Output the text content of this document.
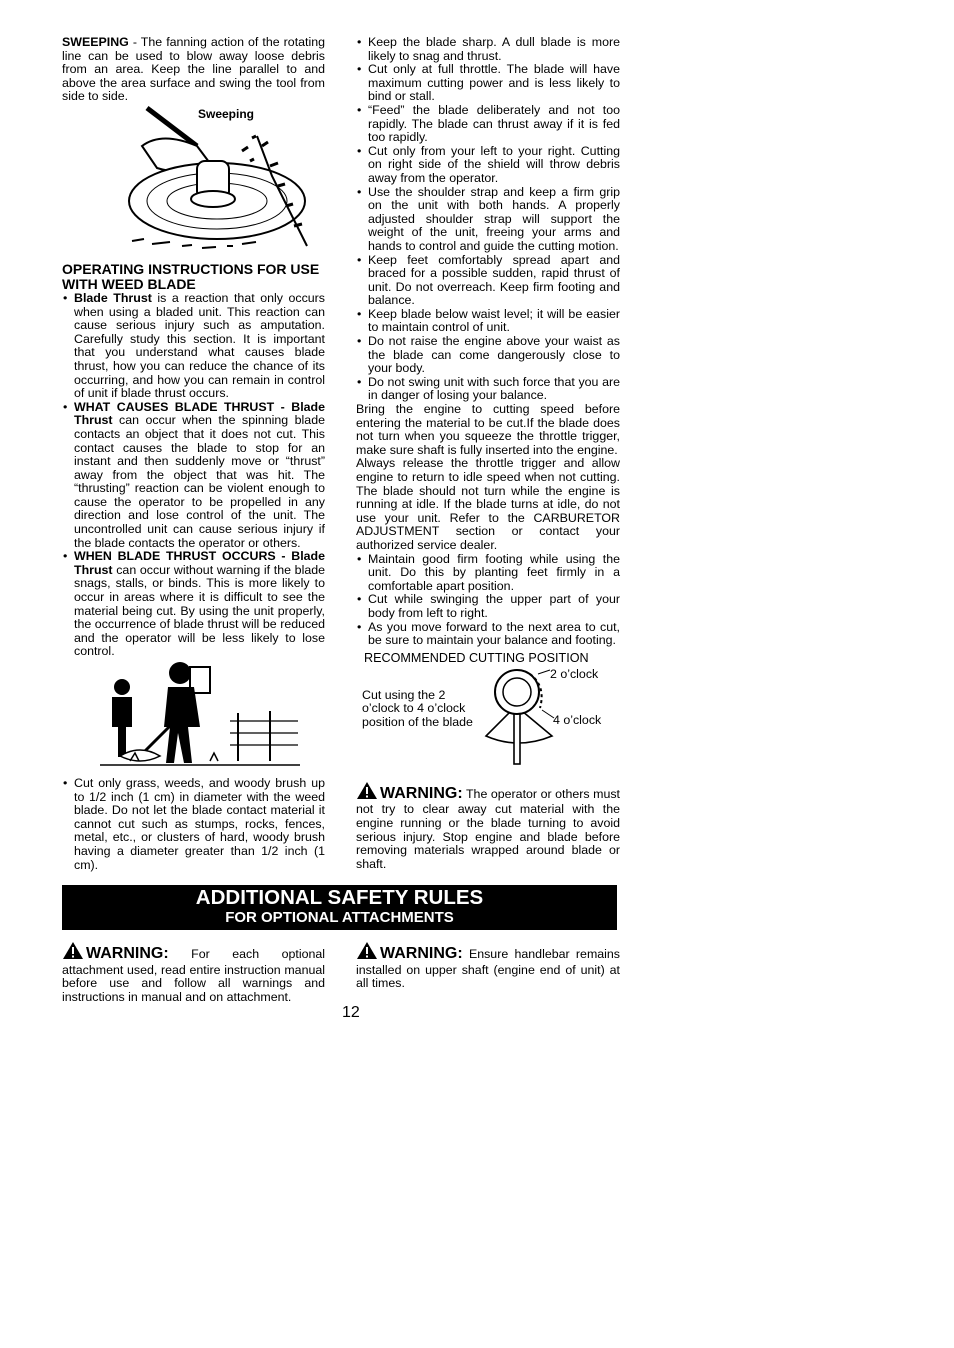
SWEEPING - The fanning action of the rotating line can be used to blow away loose debris from an area. Keep the line parallel to and above the area surface and swing the tool from side to side.

Sweeping
OPERATING INSTRUCTIONS FOR USE WITH WEED BLADE
• Blade Thrust is a reaction that only occurs when using a bladed unit. This reaction can cause serious injury such as amputation. Carefully study this section. It is important that you understand what causes blade thrust, how you can reduce the chance of its occurring, and how you can remain in control of unit if blade thrust occurs.
• WHAT CAUSES BLADE THRUST - Blade Thrust can occur when the spinning blade contacts an object that it does not cut. This contact causes the blade to stop for an instant and then suddenly move or “thrust” away from the object that was hit. The “thrusting” reaction can be violent enough to cause the operator to be propelled in any direction and lose control of the unit. The uncontrolled unit can cause serious injury if the blade contacts the operator or others.
• WHEN BLADE THRUST OCCURS - Blade Thrust can occur without warning if the blade snags, stalls, or binds. This is more likely to occur in areas where it is difficult to see the material being cut. By using the unit properly, the occurrence of blade thrust will be reduced and the operator will be less likely to lose control.
• Cut only grass, weeds, and woody brush up to 1/2 inch (1 cm) in diameter with the weed blade. Do not let the blade contact material it cannot cut such as stumps, rocks, fences, metal, etc., or clusters of hard, woody brush having a diameter greater than 1/2 inch (1 cm).
• Keep the blade sharp. A dull blade is more likely to snag and thrust.
• Cut only at full throttle. The blade will have maximum cutting power and is less likely to bind or stall.
• “Feed” the blade deliberately and not too rapidly. The blade can thrust away if it is fed too rapidly.
• Cut only from your left to your right. Cutting on right side of the shield will throw debris away from the operator.
• Use the shoulder strap and keep a firm grip on the unit with both hands. A properly adjusted shoulder strap will support the weight of the unit, freeing your arms and hands to control and guide the cutting motion.
• Keep feet comfortably spread apart and braced for a possible sudden, rapid thrust of unit. Do not overreach. Keep firm footing and balance.
• Keep blade below waist level; it will be easier to maintain control of unit.
• Do not raise the engine above your waist as the blade can come dangerously close to your body.
• Do not swing unit with such force that you are in danger of losing your balance.

Bring the engine to cutting speed before entering the material to be cut.If the blade does not turn when you squeeze the throttle trigger, make sure shaft is fully inserted into the engine.

Always release the throttle trigger and allow engine to return to idle speed when not cutting. The blade should not turn while the engine is running at idle. If the blade turns at idle, do not use your unit. Refer to the CARBURETOR ADJUSTMENT section or contact your authorized service dealer.

• Maintain good firm footing while using the unit. Do this by planting feet firmly in a comfortable apart position.
• Cut while swinging the upper part of your body from left to right.
• As you move forward to the next area to cut, be sure to maintain your balance and footing.
RECOMMENDED CUTTING POSITION
Cut using the 2 o’clock to 4 o’clock position of the blade
2 o’clock
4 o’clock

WARNING: The operator or others must not try to clear away cut material with the engine running or the blade turning to avoid serious injury. Stop engine and blade before removing materials wrapped around blade or shaft.

ADDITIONAL SAFETY RULES
FOR OPTIONAL ATTACHMENTS

WARNING: For each optional attachment used, read entire instruction manual before use and follow all warnings and instructions in manual and on attachment.

WARNING: Ensure handlebar remains installed on upper shaft (engine end of unit) at all times.

12
